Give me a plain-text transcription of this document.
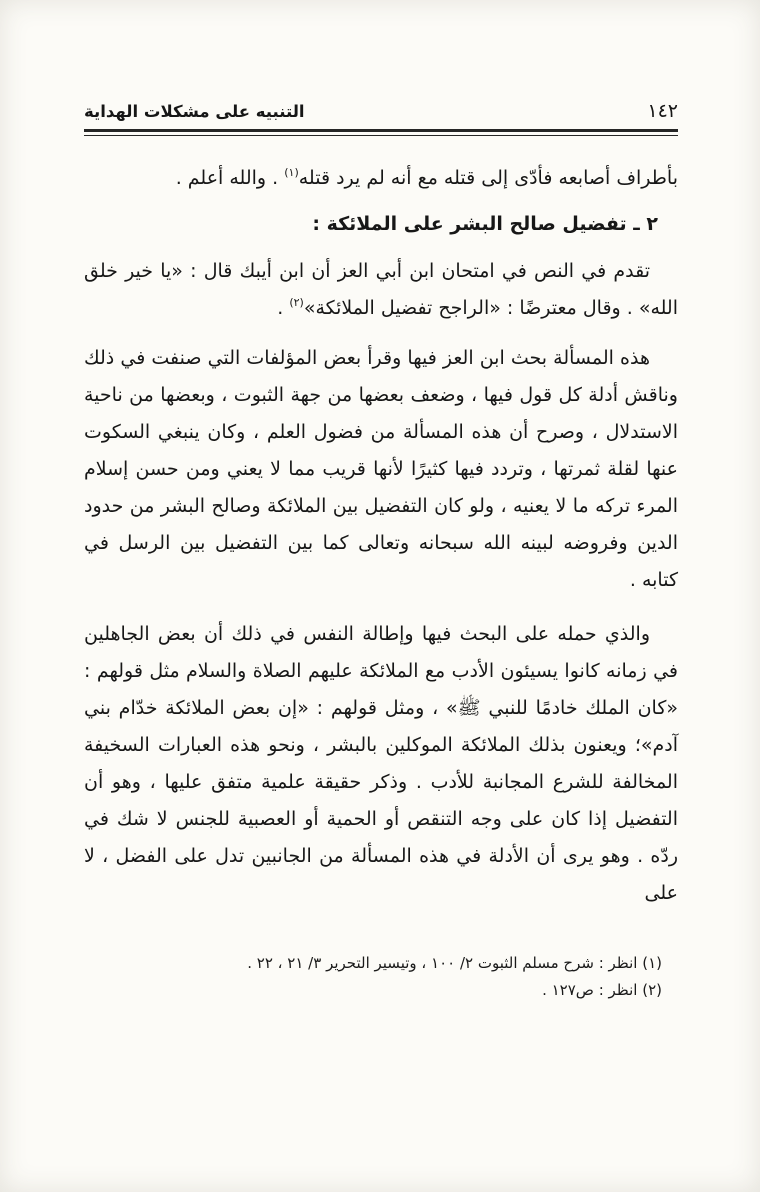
التنبيه على مشكلات الهداية	١٤٢

بأطراف أصابعه فأدّى إلى قتله مع أنه لم يرد قتله$^{(١)}$ . والله أعلم .

٢ ـ تفضيل صالح البشر على الملائكة :

تقدم في النص في امتحان ابن أبي العز أن ابن أيبك قال : «يا خير خلق الله» . وقال معترضًا : «الراجح تفضيل الملائكة»$^{(٢)}$ .

هذه المسألة بحث ابن العز فيها وقرأ بعض المؤلفات التي صنفت في ذلك وناقش أدلة كل قول فيها ، وضعف بعضها من جهة الثبوت ، وبعضها من ناحية الاستدلال ، وصرح أن هذه المسألة من فضول العلم ، وكان ينبغي السكوت عنها لقلة ثمرتها ، وتردد فيها كثيرًا لأنها قريب مما لا يعني ومن حسن إسلام المرء تركه ما لا يعنيه ، ولو كان التفضيل بين الملائكة وصالح البشر من حدود الدين وفروضه لبينه الله سبحانه وتعالى كما بين التفضيل بين الرسل في كتابه .

والذي حمله على البحث فيها وإطالة النفس في ذلك أن بعض الجاهلين في زمانه كانوا يسيئون الأدب مع الملائكة عليهم الصلاة والسلام مثل قولهم : «كان الملك خادمًا للنبي ﷺ» ، ومثل قولهم : «إن بعض الملائكة خدّام بني آدم»؛ ويعنون بذلك الملائكة الموكلين بالبشر ، ونحو هذه العبارات السخيفة المخالفة للشرع المجانبة للأدب . وذكر حقيقة علمية متفق عليها ، وهو أن التفضيل إذا كان على وجه التنقص أو الحمية أو العصبية للجنس لا شك في ردّه . وهو يرى أن الأدلة في هذه المسألة من الجانبين تدل على الفضل ، لا على

(١) انظر : شرح مسلم الثبوت ٢/ ١٠٠ ، وتيسير التحرير ٣/ ٢١ ، ٢٢ .

(٢) انظر : ص١٢٧ .
